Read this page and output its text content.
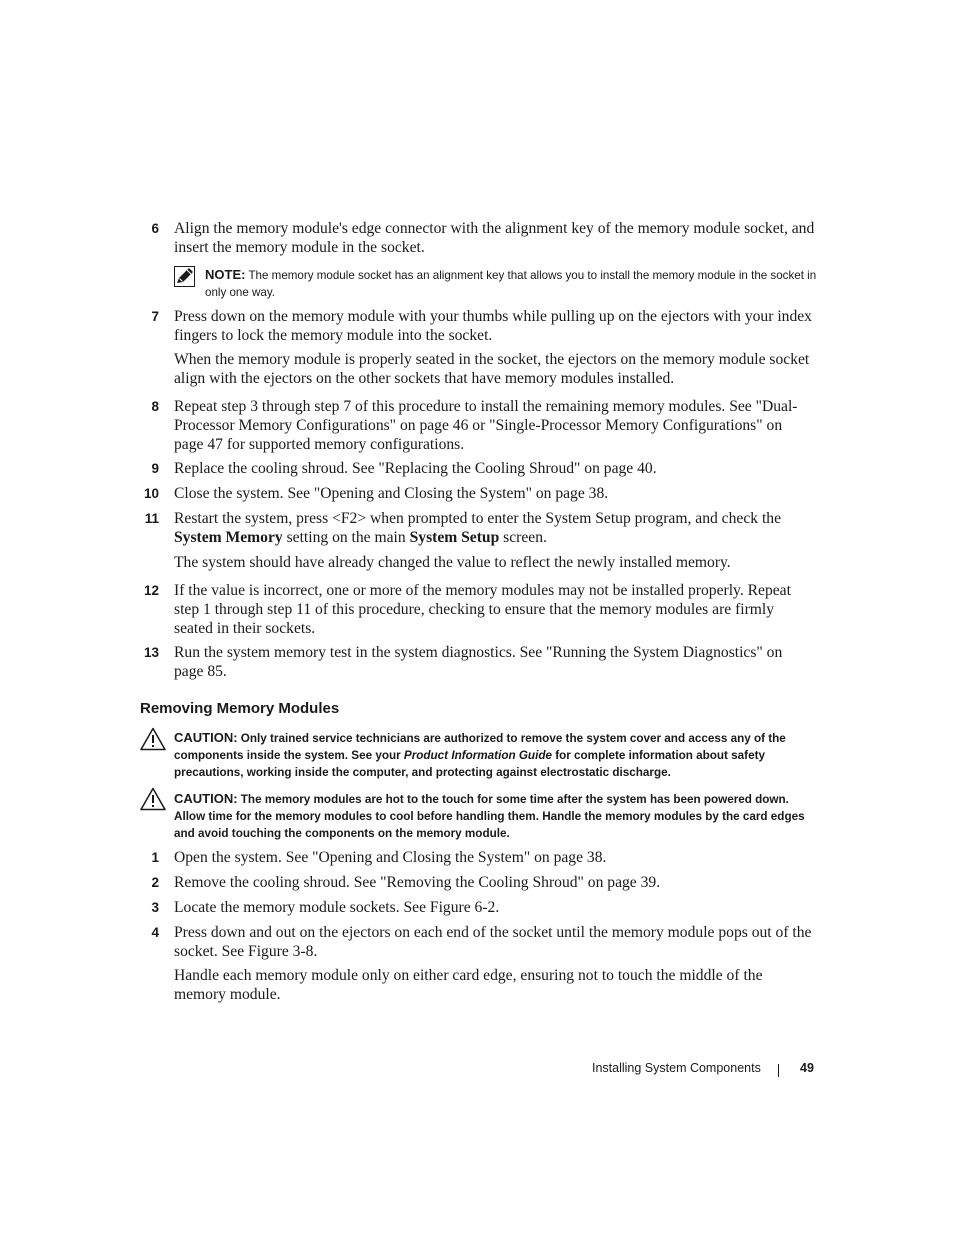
6 Align the memory module's edge connector with the alignment key of the memory module socket, and insert the memory module in the socket.
NOTE: The memory module socket has an alignment key that allows you to install the memory module in the socket in only one way.
7 Press down on the memory module with your thumbs while pulling up on the ejectors with your index fingers to lock the memory module into the socket.
When the memory module is properly seated in the socket, the ejectors on the memory module socket align with the ejectors on the other sockets that have memory modules installed.
8 Repeat step 3 through step 7 of this procedure to install the remaining memory modules. See "Dual-Processor Memory Configurations" on page 46 or "Single-Processor Memory Configurations" on page 47 for supported memory configurations.
9 Replace the cooling shroud. See "Replacing the Cooling Shroud" on page 40.
10 Close the system. See "Opening and Closing the System" on page 38.
11 Restart the system, press <F2> when prompted to enter the System Setup program, and check the System Memory setting on the main System Setup screen.
The system should have already changed the value to reflect the newly installed memory.
12 If the value is incorrect, one or more of the memory modules may not be installed properly. Repeat step 1 through step 11 of this procedure, checking to ensure that the memory modules are firmly seated in their sockets.
13 Run the system memory test in the system diagnostics. See "Running the System Diagnostics" on page 85.
Removing Memory Modules
CAUTION: Only trained service technicians are authorized to remove the system cover and access any of the components inside the system. See your Product Information Guide for complete information about safety precautions, working inside the computer, and protecting against electrostatic discharge.
CAUTION: The memory modules are hot to the touch for some time after the system has been powered down. Allow time for the memory modules to cool before handling them. Handle the memory modules by the card edges and avoid touching the components on the memory module.
1 Open the system. See "Opening and Closing the System" on page 38.
2 Remove the cooling shroud. See "Removing the Cooling Shroud" on page 39.
3 Locate the memory module sockets. See Figure 6-2.
4 Press down and out on the ejectors on each end of the socket until the memory module pops out of the socket. See Figure 3-8.
Handle each memory module only on either card edge, ensuring not to touch the middle of the memory module.
Installing System Components	49
